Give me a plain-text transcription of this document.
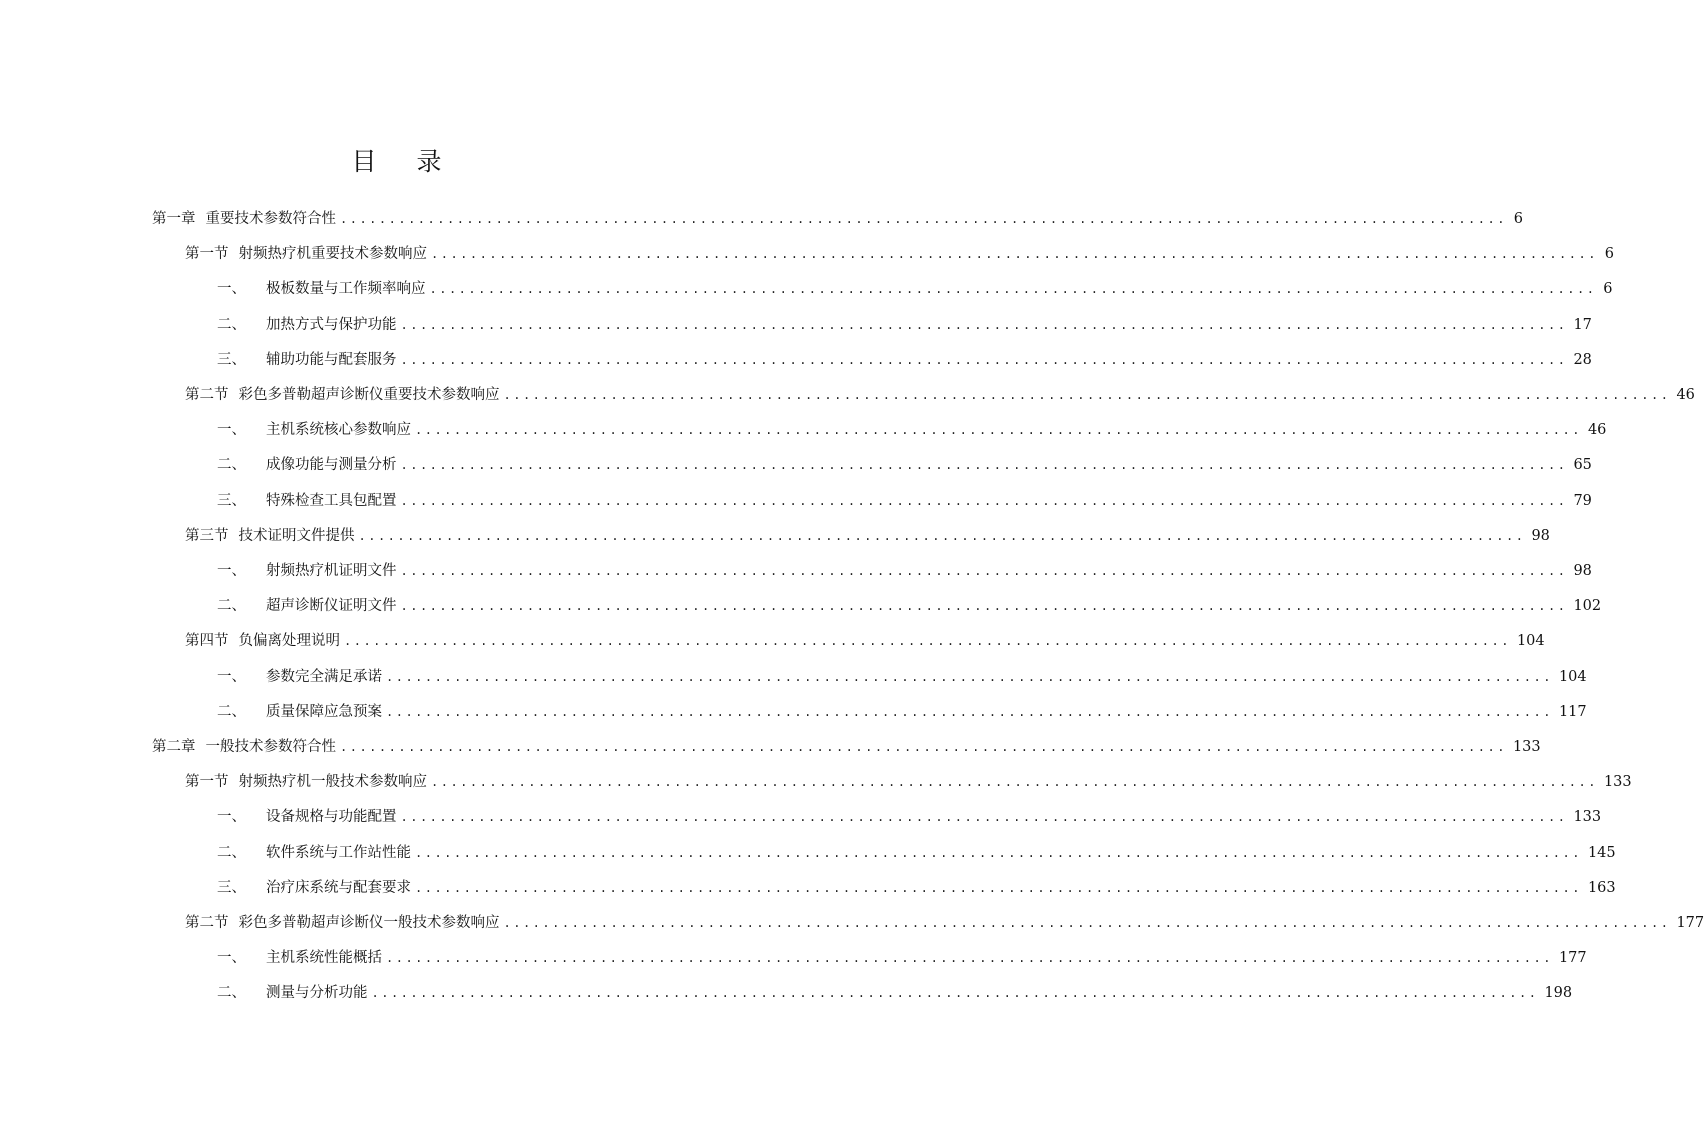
目 录
第一章 重要技术参数符合性 ........................................................................................................................ 6
第一节 射频热疗机重要技术参数响应 ........................................................................................................................ 6
一、 极板数量与工作频率响应 ........................................................................................................................ 6
二、 加热方式与保护功能 ........................................................................................................................ 17
三、 辅助功能与配套服务 ........................................................................................................................ 28
第二节 彩色多普勒超声诊断仪重要技术参数响应 ........................................................................................................................ 46
一、 主机系统核心参数响应 ........................................................................................................................ 46
二、 成像功能与测量分析 ........................................................................................................................ 65
三、 特殊检查工具包配置 ........................................................................................................................ 79
第三节 技术证明文件提供 ........................................................................................................................ 98
一、 射频热疗机证明文件 ........................................................................................................................ 98
二、 超声诊断仪证明文件 ........................................................................................................................ 102
第四节 负偏离处理说明 ........................................................................................................................ 104
一、 参数完全满足承诺 ........................................................................................................................ 104
二、 质量保障应急预案 ........................................................................................................................ 117
第二章 一般技术参数符合性 ........................................................................................................................ 133
第一节 射频热疗机一般技术参数响应 ........................................................................................................................ 133
一、 设备规格与功能配置 ........................................................................................................................ 133
二、 软件系统与工作站性能 ........................................................................................................................ 145
三、 治疗床系统与配套要求 ........................................................................................................................ 163
第二节 彩色多普勒超声诊断仪一般技术参数响应 ........................................................................................................................ 177
一、 主机系统性能概括 ........................................................................................................................ 177
二、 测量与分析功能 ........................................................................................................................ 198
